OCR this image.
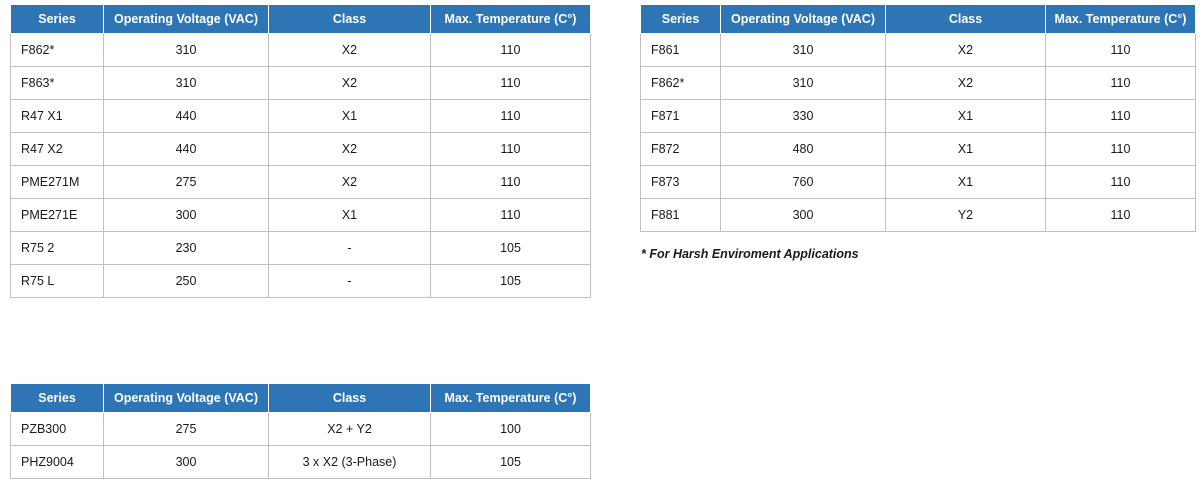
Series	Operating Voltage (VAC)	Class	Max. Temperature (C°)
F862*	310	X2	110
F863*	310	X2	110
R47 X1	440	X1	110
R47 X2	440	X2	110
PME271M	275	X2	110
PME271E	300	X1	110
R75 2	230	-	105
R75 L	250	-	105
Series	Operating Voltage (VAC)	Class	Max. Temperature (C°)
F861	310	X2	110
F862*	310	X2	110
F871	330	X1	110
F872	480	X1	110
F873	760	X1	110
F881	300	Y2	110
* For Harsh Enviroment Applications
Series	Operating Voltage (VAC)	Class	Max. Temperature (C°)
PZB300	275	X2 + Y2	100
PHZ9004	300	3 x X2 (3-Phase)	105
